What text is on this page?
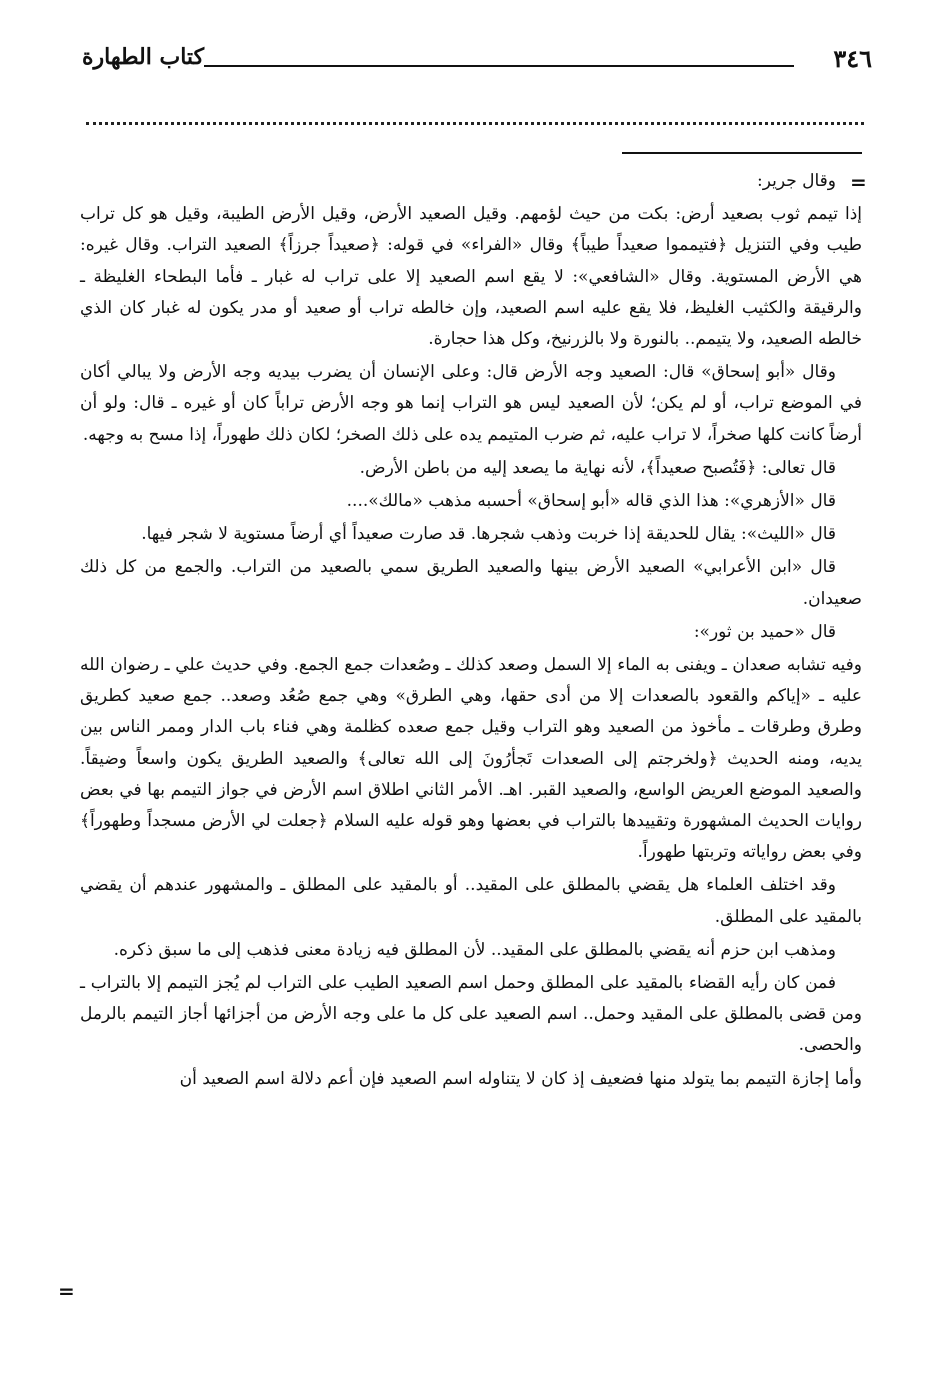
٣٤٦
كتاب الطهارة
=
=

وقال جرير:

إذا تيمم ثوب بصعيد أرض: بكت من حيث لؤمهم. وقيل الصعيد الأرض، وقيل الأرض الطيبة، وقيل هو كل تراب طيب وفي التنزيل ﴿فتيمموا صعيداً طيباً﴾ وقال «الفراء» في قوله: ﴿صعيداً جرزاً﴾ الصعيد التراب. وقال غيره: هي الأرض المستوية. وقال «الشافعي»: لا يقع اسم الصعيد إلا على تراب له غبار ـ فأما البطحاء الغليظة ـ والرقيقة والكثيب الغليظ، فلا يقع عليه اسم الصعيد، وإن خالطه تراب أو صعيد أو مدر يكون له غبار كان الذي خالطه الصعيد، ولا يتيمم.. بالنورة ولا بالزرنيخ، وكل هذا حجارة.

وقال «أبو إسحاق» قال: الصعيد وجه الأرض قال: وعلى الإنسان أن يضرب بيديه وجه الأرض ولا يبالي أكان في الموضع تراب، أو لم يكن؛ لأن الصعيد ليس هو التراب إنما هو وجه الأرض تراباً كان أو غيره ـ قال: ولو أن أرضاً كانت كلها صخراً، لا تراب عليه، ثم ضرب المتيمم يده على ذلك الصخر؛ لكان ذلك طهوراً، إذا مسح به وجهه.

قال تعالى: ﴿فَتُصبح صعيداً﴾، لأنه نهاية ما يصعد إليه من باطن الأرض.

قال «الأزهري»: هذا الذي قاله «أبو إسحاق» أحسبه مذهب «مالك»....

قال «الليث»: يقال للحديقة إذا خربت وذهب شجرها. قد صارت صعيداً أي أرضاً مستوية لا شجر فيها.

قال «ابن الأعرابي» الصعيد الأرض بينها والصعيد الطريق سمي بالصعيد من التراب. والجمع من كل ذلك صعيدان.

قال «حميد بن ثور»:

وفيه تشابه صعدان ـ ويفنى به الماء إلا السمل وصعد كذلك ـ وصُعدات جمع الجمع. وفي حديث علي ـ رضوان الله عليه ـ «إياكم والقعود بالصعدات إلا من أدى حقها، وهي الطرق» وهي جمع صُعُد وصعد.. جمع صعيد كطريق وطرق وطرقات ـ مأخوذ من الصعيد وهو التراب وقيل جمع صعده كظلمة وهي فناء باب الدار وممر الناس بين يديه، ومنه الحديث ﴿ولخرجتم إلى الصعدات تَجأرُونَ إلى الله تعالى﴾ والصعيد الطريق يكون واسعاً وضيقاً. والصعيد الموضع العريض الواسع، والصعيد القبر. اهـ. الأمر الثاني اطلاق اسم الأرض في جواز التيمم بها في بعض روايات الحديث المشهورة وتقييدها بالتراب في بعضها وهو قوله عليه السلام ﴿جعلت لي الأرض مسجداً وطهوراً﴾ وفي بعض رواياته وتربتها طهوراً.

وقد اختلف العلماء هل يقضي بالمطلق على المقيد.. أو بالمقيد على المطلق ـ والمشهور عندهم أن يقضي بالمقيد على المطلق.

ومذهب ابن حزم أنه يقضي بالمطلق على المقيد.. لأن المطلق فيه زيادة معنى فذهب إلى ما سبق ذكره.

فمن كان رأيه القضاء بالمقيد على المطلق وحمل اسم الصعيد الطيب على التراب لم يُجز التيمم إلا بالتراب ـ ومن قضى بالمطلق على المقيد وحمل.. اسم الصعيد على كل ما على وجه الأرض من أجزائها أجاز التيمم بالرمل والحصى.

وأما إجازة التيمم بما يتولد منها فضعيف إذ كان لا يتناوله اسم الصعيد فإن أعم دلالة اسم الصعيد أن
